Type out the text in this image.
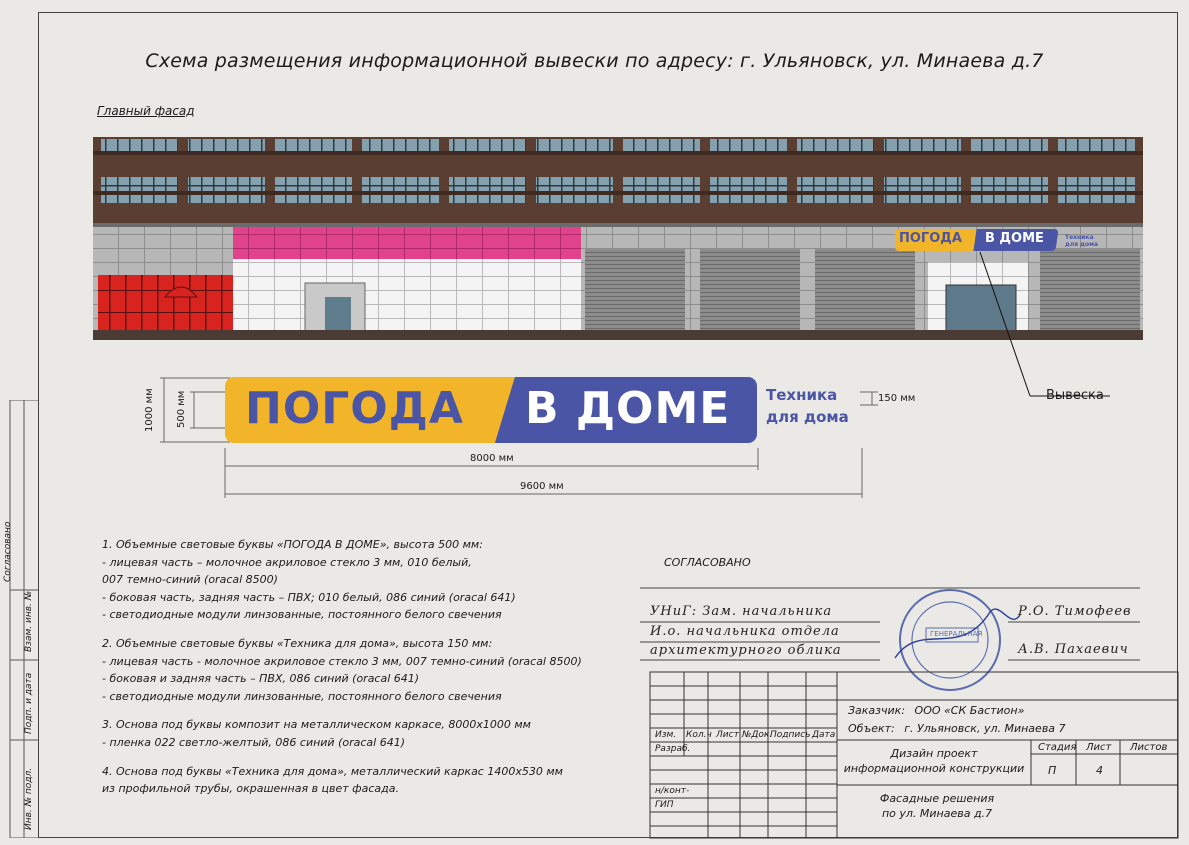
Согласовано
Взам. инв. №
Подп. и дата
Инв. № подл.
Схема размещения информационной вывески по адресу: г. Ульяновск, ул. Минаева д.7
Главный фасад
ПОГОДА В ДОМЕ	Техника для дома
ПОГОДА В ДОМЕ Техника
для дома
1000 мм 500 мм	150 мм
8000 мм
9600 мм
Вывеска

1. Объемные световые буквы «ПОГОДА В ДОМЕ», высота 500 мм:

- лицевая часть – молочное акриловое стекло 3 мм, 010 белый,

007 темно-синий (oracal 8500)

- боковая часть, задняя часть – ПВХ; 010 белый, 086 синий (oracal 641)

- светодиодные модули линзованные, постоянного белого свечения

2. Объемные световые буквы «Техника для дома», высота 150 мм:

- лицевая часть - молочное акриловое стекло 3 мм, 007 темно-синий (oracal 8500)

- боковая и задняя часть – ПВХ, 086 синий (oracal 641)

- светодиодные модули линзованные, постоянного белого свечения

3. Основа под буквы композит на металлическом каркасе, 8000х1000 мм

- пленка 022 светло-желтый, 086 синий (oracal 641)

4. Основа под буквы «Техника для дома», металлический каркас 1400х530 мм

из профильной трубы, окрашенная в цвет фасада.

СОГЛАСОВАНО
ГЕНЕРАЛЬНАЯ
УНиГ: Зам. начальника
И.о. начальника отдела
архитектурного облика
Р.О. Тимофеев
А.В. Пахаевич
Изм. Кол.ч Лист №Док.
Подпись Дата
Разраб.
н/конт-
ГИП
Заказчик: ООО «СК Бастион»
Объект: г. Ульяновск, ул. Минаева 7
Дизайн проект информационной конструкции
Стадия Лист Листов
П	4
Фасадные решения по ул. Минаева д.7
